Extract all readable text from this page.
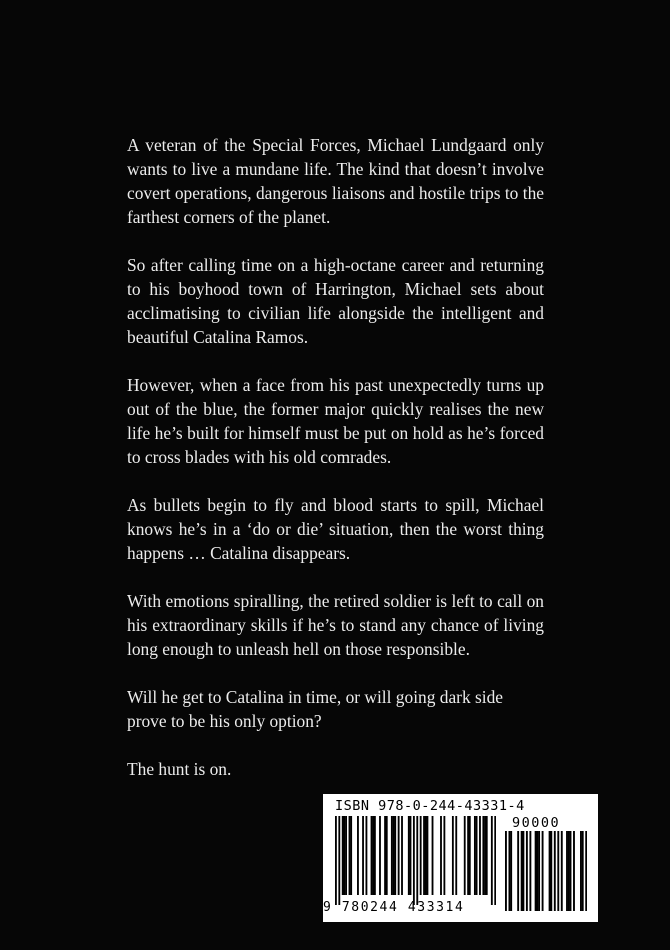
A veteran of the Special Forces, Michael Lundgaard only wants to live a mundane life. The kind that doesn’t involve covert operations, dangerous liaisons and hostile trips to the farthest corners of the planet.

So after calling time on a high-octane career and returning to his boyhood town of Harrington, Michael sets about acclimatising to civilian life alongside the intelligent and beautiful Catalina Ramos.

However, when a face from his past unexpectedly turns up out of the blue, the former major quickly realises the new life he’s built for himself must be put on hold as he’s forced to cross blades with his old comrades.

As bullets begin to fly and blood starts to spill, Michael knows he’s in a ‘do or die’ situation, then the worst thing happens … Catalina disappears.

With emotions spiralling, the retired soldier is left to call on his extraordinary skills if he’s to stand any chance of living long enough to unleash hell on those responsible.

Will he get to Catalina in time, or will going dark side prove to be his only option?

The hunt is on.

ISBN 978-0-244-43331-4
9 780244 433314
90000
